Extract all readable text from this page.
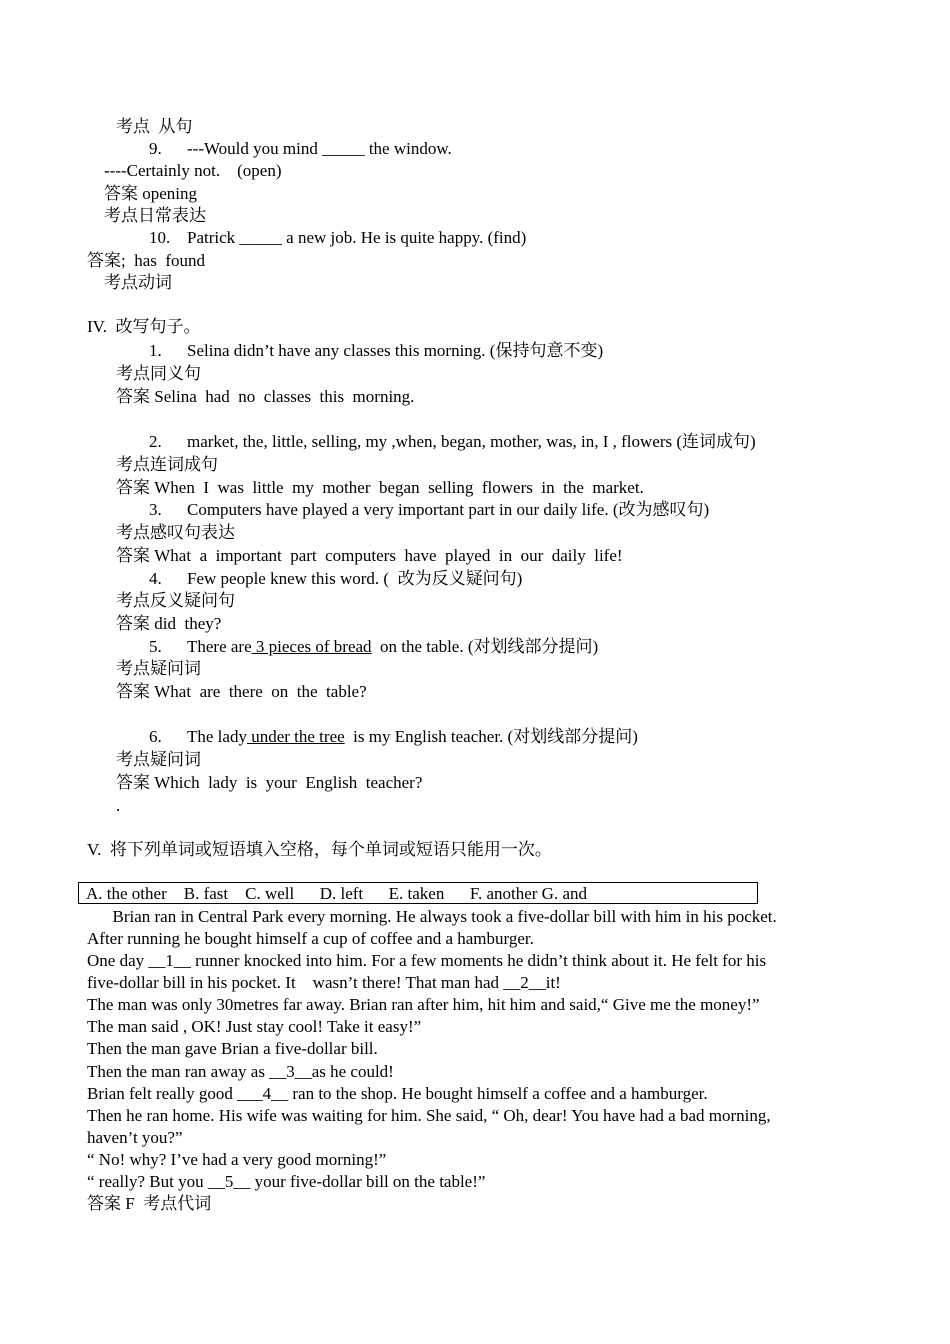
考点  从句
9. ---Would you mind _____ the window.
----Certainly not.    (open)
答案 opening
考点日常表达
10. Patrick _____ a new job. He is quite happy. (find)
答案;  has  found
考点动词
IV.  改写句子。
1. Selina didn’t have any classes this morning. (保持句意不变)
考点同义句
答案 Selina  had  no  classes  this  morning.
2. market, the, little, selling, my ,when, began, mother, was, in, I , flowers (连词成句)
考点连词成句
答案 When  I  was  little  my  mother  began  selling  flowers  in  the  market.
3. Computers have played a very important part in our daily life. (改为感叹句)
考点感叹句表达
答案 What  a  important  part  computers  have  played  in  our  daily  life!
4. Few people knew this word. (  改为反义疑问句)
考点反义疑问句
答案 did  they?
5. There are 3 pieces of bread  on the table. (对划线部分提问)
考点疑问词
答案 What  are  there  on  the  table?
6. The lady under the tree  is my English teacher. (对划线部分提问)
考点疑问词
答案 Which  lady  is  your  English  teacher?
.
V.  将下列单词或短语填入空格，每个单词或短语只能用一次。
A. the other    B. fast    C. well      D. left      E. taken      F. another G. and
Brian ran in Central Park every morning. He always took a five-dollar bill with him in his pocket.
After running he bought himself a cup of coffee and a hamburger.
One day __1__ runner knocked into him. For a few moments he didn’t think about it. He felt for his
five-dollar bill in his pocket. It    wasn’t there! That man had __2__it!
The man was only 30metres far away. Brian ran after him, hit him and said,“ Give me the money!”
The man said , OK! Just stay cool! Take it easy!”
Then the man gave Brian a five-dollar bill.
Then the man ran away as __3__as he could!
Brian felt really good ___4__ ran to the shop. He bought himself a coffee and a hamburger.
Then he ran home. His wife was waiting for him. She said, “ Oh, dear! You have had a bad morning,
haven’t you?”
“ No! why? I’ve had a very good morning!”
“ really? But you __5__ your five-dollar bill on the table!”
答案 F  考点代词
